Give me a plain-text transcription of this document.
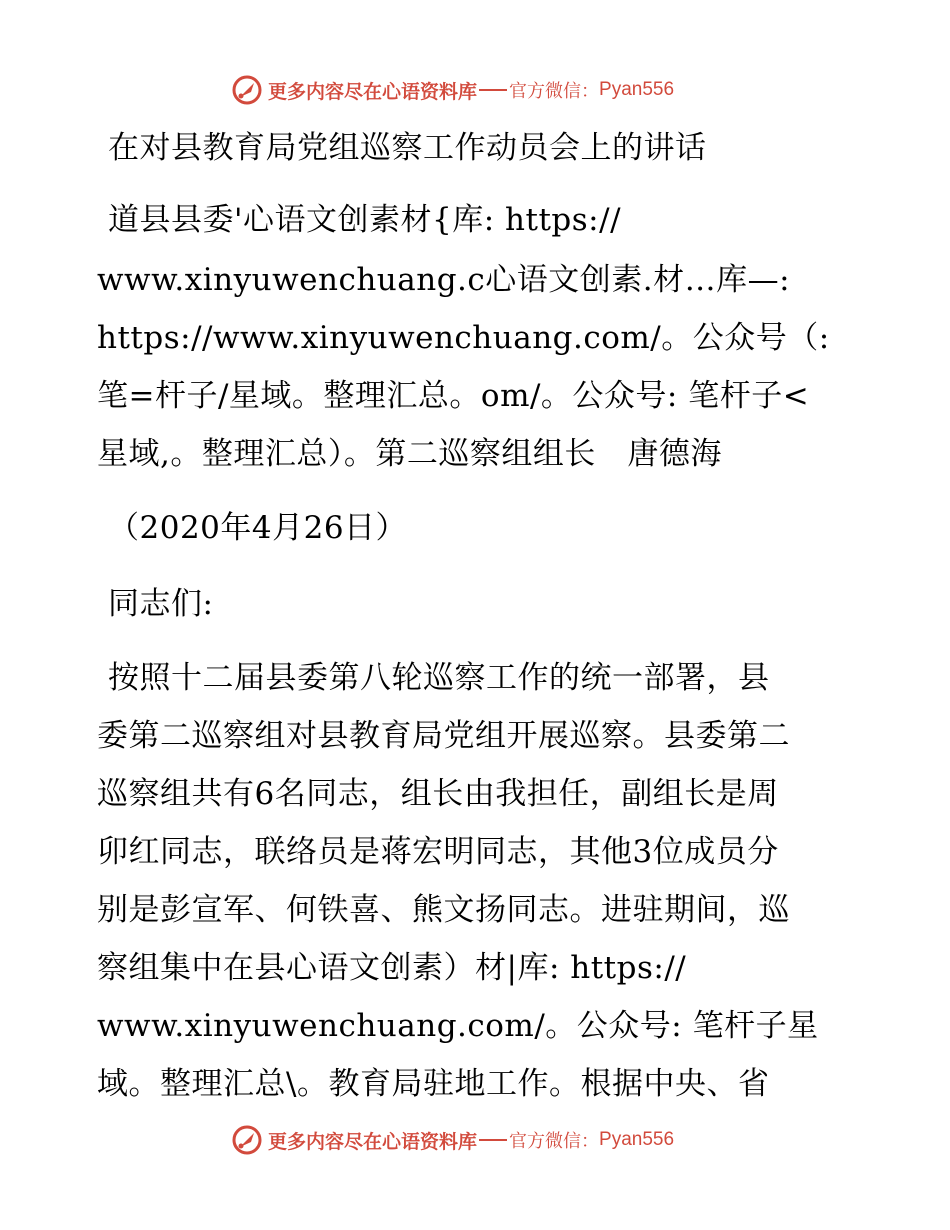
更多内容尽在心语资料库 官方微信： Pyan556
在对县教育局党组巡察工作动员会上的讲话
道县县委'心语文创素材{库: https://
www.xinyuwenchuang.c心语文创素.材…库—:
https://www.xinyuwenchuang.com/。公众号（:
笔=杆子/星域。整理汇总。om/。公众号: 笔杆子<
星域,。整理汇总）。第二巡察组组长　唐德海
（2020年4月26日）
同志们:
按照十二届县委第八轮巡察工作的统一部署，县
委第二巡察组对县教育局党组开展巡察。县委第二
巡察组共有6名同志，组长由我担任，副组长是周
卯红同志，联络员是蒋宏明同志，其他3位成员分
别是彭宣军、何铁喜、熊文扬同志。进驻期间，巡
察组集中在县心语文创素）材|库: https://
www.xinyuwenchuang.com/。公众号: 笔杆子星
域。整理汇总\。教育局驻地工作。根据中央、省
更多内容尽在心语资料库 官方微信： Pyan556
